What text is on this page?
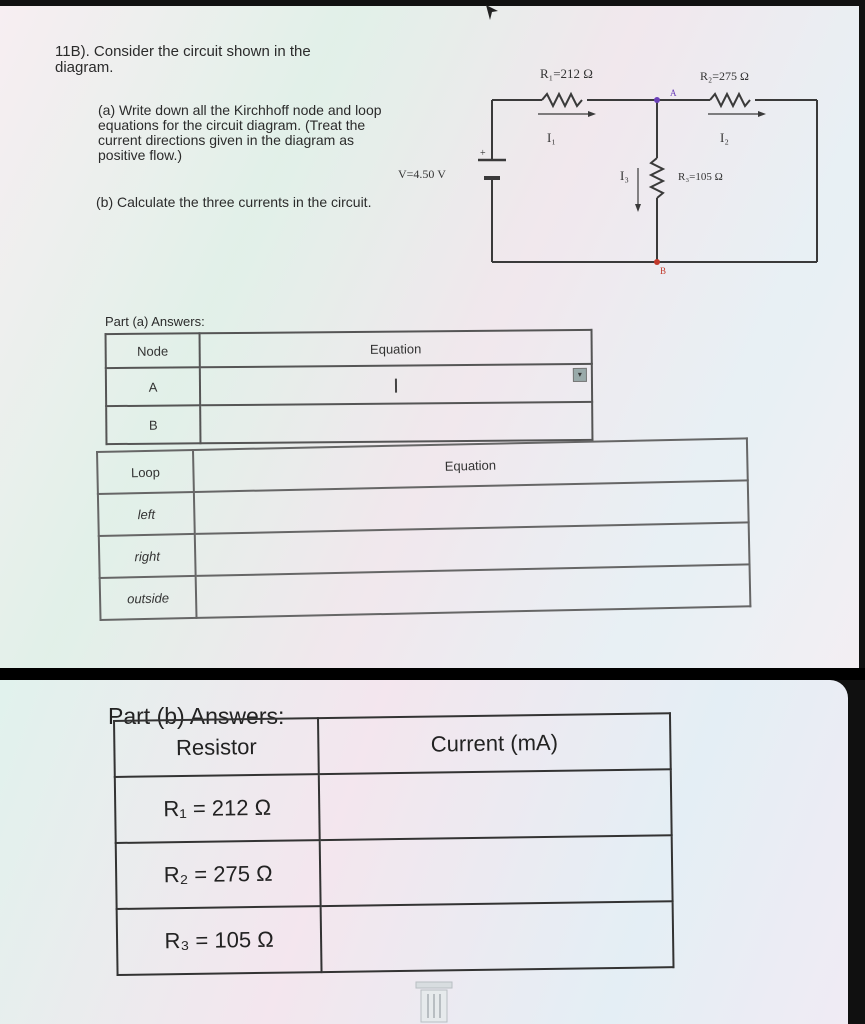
11B). Consider the circuit shown in the diagram.
(a) Write down all the Kirchhoff node and loop equations for the circuit diagram. (Treat the current directions given in the diagram as positive flow.)
(b) Calculate the three currents in the circuit.
R₁=212 Ω	R₂=275 Ω
R₃=105 Ω
V=4.50 V
I₁	I₂
I₃
A
B
+
Part (a) Answers:
Node	Equation
A	▾

B	
Loop	Equation
left	
right	
outside	
Part (b) Answers:
Resistor	Current (mA)
R₁ = 212 Ω	
R₂ = 275 Ω	
R₃ = 105 Ω	
